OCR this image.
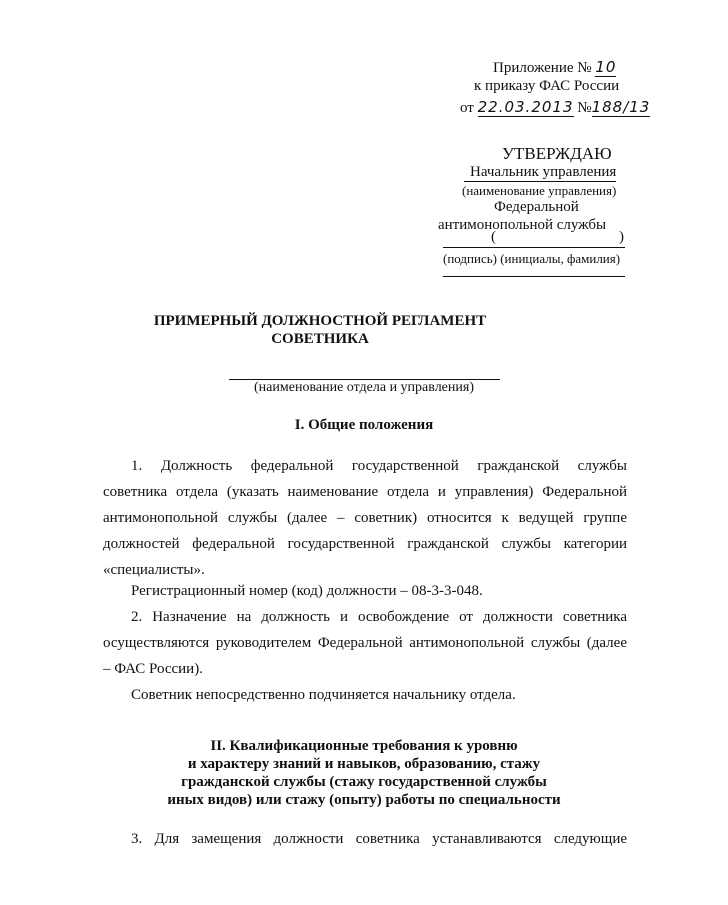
Приложение № 10
к приказу ФАС России
от 22.03.2013 №188/13
УТВЕРЖДАЮ
Начальник управления
(наименование управления)
Федеральной
антимонопольной службы
(	)
(подпись) (инициалы, фамилия)
ПРИМЕРНЫЙ ДОЛЖНОСТНОЙ РЕГЛАМЕНТ
СОВЕТНИКА
(наименование отдела и управления)
I. Общие положения
1. Должность федеральной государственной гражданской службы
советника отдела (указать наименование отдела и управления) Федеральной
антимонопольной службы (далее – советник) относится к ведущей группе
должностей федеральной государственной гражданской службы категории
«специалисты».
Регистрационный номер (код) должности – 08-3-3-048.
2. Назначение на должность и освобождение от должности советника
осуществляются руководителем Федеральной антимонопольной службы (далее
– ФАС России).
Советник непосредственно подчиняется начальнику отдела.
II. Квалификационные требования к уровню
и характеру знаний и навыков, образованию, стажу
гражданской службы (стажу государственной службы
иных видов) или стажу (опыту) работы по специальности
3. Для замещения должности советника устанавливаются следующие
